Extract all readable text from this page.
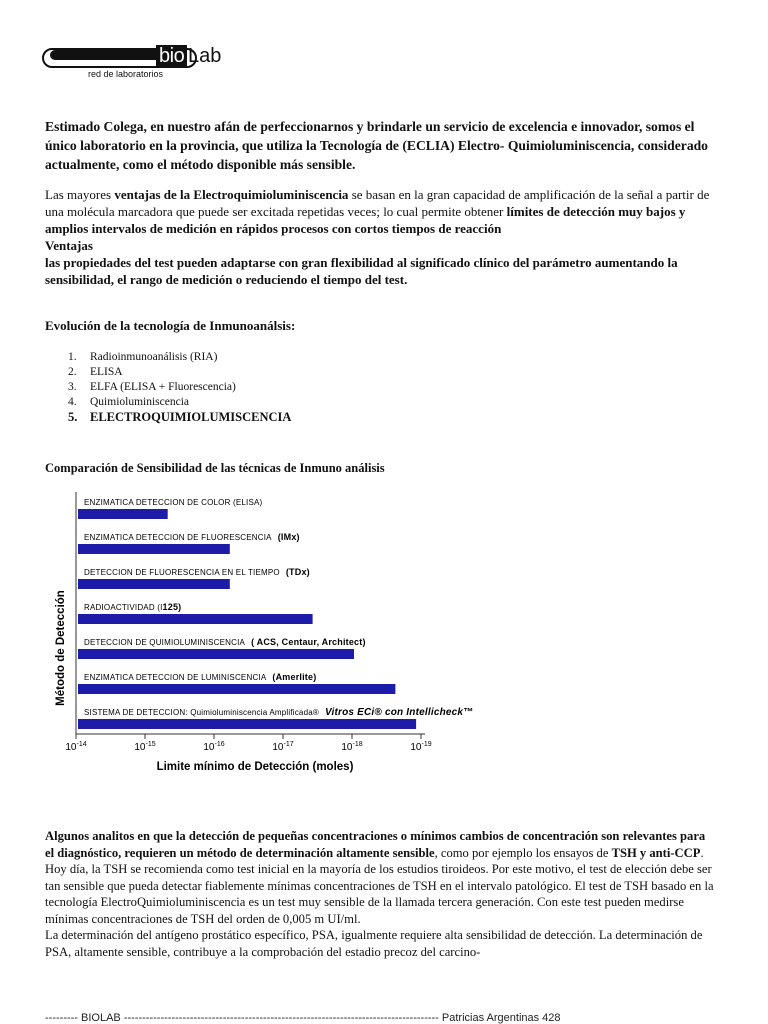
bio Lab
red de laboratorios
Estimado Colega, en nuestro afán de perfeccionarnos y brindarle un servicio de excelencia e innovador, somos el único laboratorio en la provincia, que utiliza la Tecnología de (ECLIA) Electro- Quimioluminiscencia, considerado actualmente, como el método disponible más sensible.
Las mayores ventajas de la Electroquimioluminiscencia se basan en la gran capacidad de amplificación de la señal a partir de una molécula marcadora que puede ser excitada repetidas veces; lo cual permite obtener límites de detección muy bajos y amplios intervalos de medición en rápidos procesos con cortos tiempos de reacción
Ventajas
las propiedades del test pueden adaptarse con gran flexibilidad al significado clínico del parámetro aumentando la sensibilidad, el rango de medición o reduciendo el tiempo del test.
Evolución de la tecnología de Inmunoanálsis:
1.	Radioinmunoanálisis (RIA)
2.	ELISA
3.	ELFA (ELISA + Fluorescencia)
4.	Quimioluminiscencia
5.	ELECTROQUIMIOLUMISCENCIA
Comparación de Sensibilidad de las técnicas de Inmuno análisis
Método de Detección
$10^{-14}$	$10^{-15}$	$10^{-16}$	$10^{-17}$	$10^{-18}$	$10^{-19}$
Limite mínimo de Detección (moles)
ENZIMATICA DETECCION DE COLOR (ELISA)
ENZIMATICA DETECCION DE FLUORESCENCIA (IMx)
DETECCION DE FLUORESCENCIA EN EL TIEMPO (TDx)
RADIOACTIVIDAD (I125)
DETECCION DE QUIMIOLUMINISCENCIA ( ACS, Centaur, Architect)
ENZIMATICA DETECCION DE LUMINISCENCIA (Amerlite)
SISTEMA DE DETECCION: Quimioluminiscencia Amplificada® Vitros ECi® con Intellicheck™
Algunos analitos en que la detección de pequeñas concentraciones o mínimos cambios de concentración son relevantes para el diagnóstico, requieren un método de determinación altamente sensible, como por ejemplo los ensayos de TSH y anti-CCP. Hoy día, la TSH se recomienda como test inicial en la mayoría de los estudios tiroideos. Por este motivo, el test de elección debe ser tan sensible que pueda detectar fiablemente mínimas concentraciones de TSH en el intervalo patológico. El test de TSH basado en la tecnología ElectroQuimioluminiscencia es un test muy sensible de la llamada tercera generación. Con este test pueden medirse mínimas concentraciones de TSH del orden de 0,005 m UI/ml.
La determinación del antígeno prostático específico, PSA, igualmente requiere alta sensibilidad de detección. La determinación de PSA, altamente sensible, contribuye a la comprobación del estadio precoz del carcino-
--------- BIOLAB -------------------------------------------------------------------------------------- Patricias Argentinas 428
